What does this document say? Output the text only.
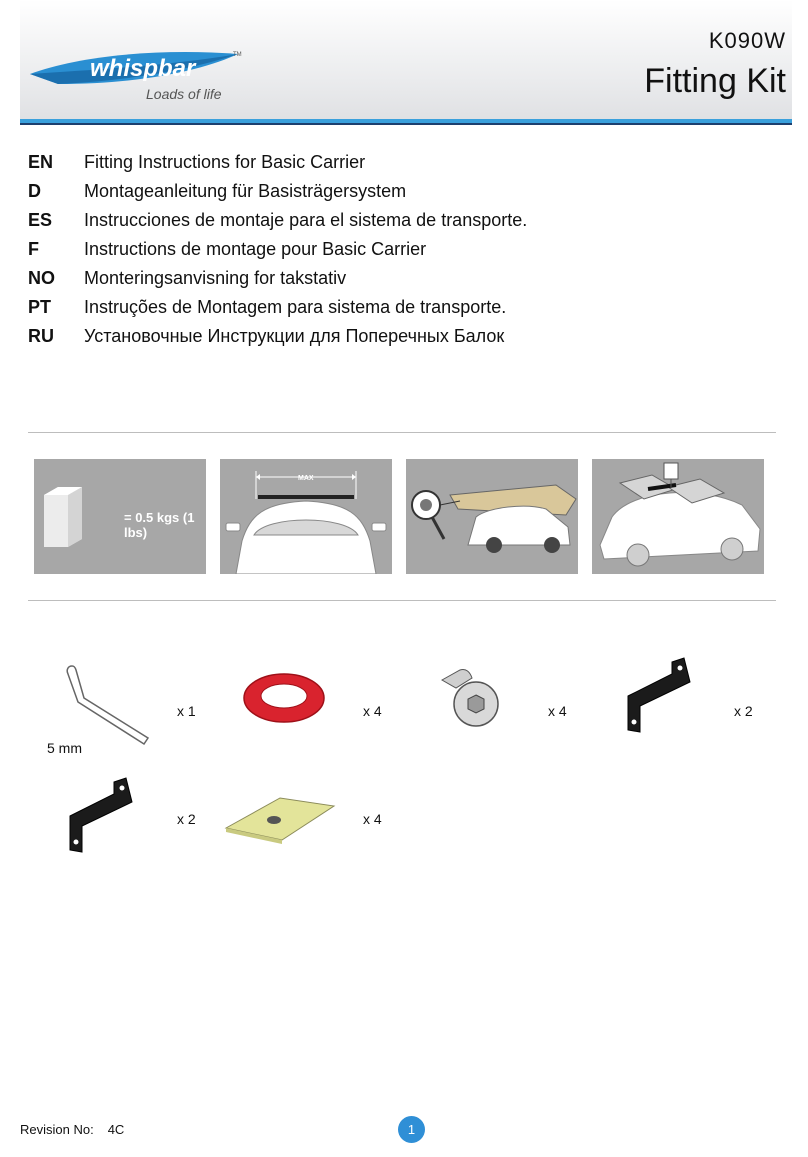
whispbar	TM
Loads of life
K090W
Fitting Kit
EN	Fitting Instructions for Basic Carrier
D	Montageanleitung für Basisträgersystem
ES	Instrucciones de montaje para el sistema de transporte.
F	Instructions de montage pour Basic Carrier
NO	Monteringsanvisning for takstativ
PT	Instruções de Montagem para sistema de transporte.
RU	Установочные Инструкции для Поперечных Балок
= 0.5 kgs (1 lbs)
MAX
x 1
5 mm
x 4	x 4	x 2
x 2	x 4
Revision No: 4C	1
